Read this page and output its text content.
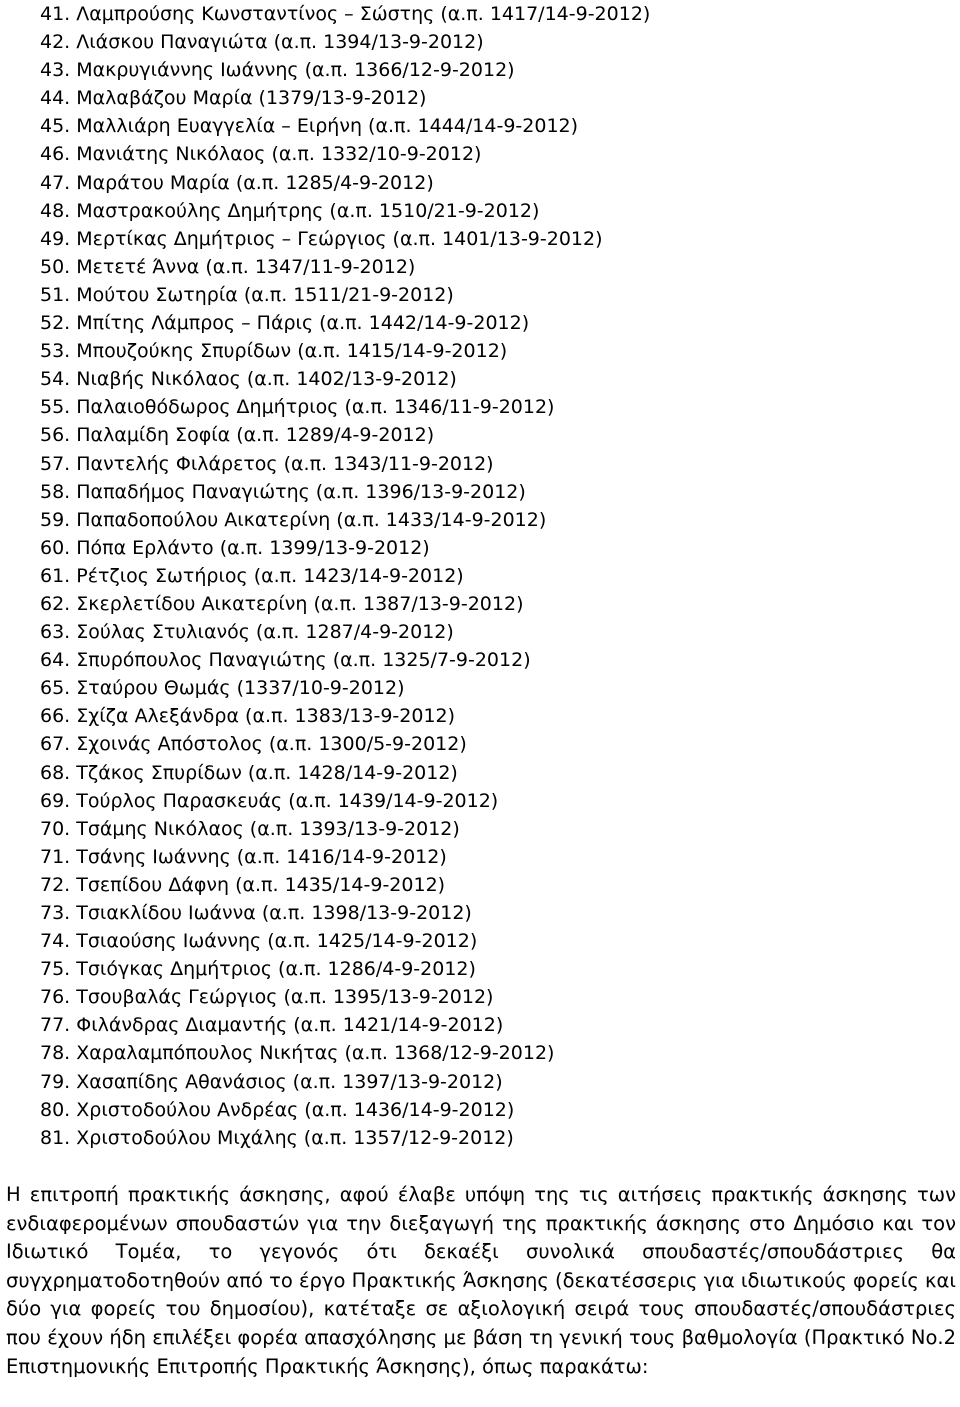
41. Λαμπρούσης Κωνσταντίνος – Σώστης (α.π. 1417/14-9-2012)
42. Λιάσκου Παναγιώτα (α.π. 1394/13-9-2012)
43. Μακρυγιάννης Ιωάννης (α.π. 1366/12-9-2012)
44. Μαλαβάζου Μαρία (1379/13-9-2012)
45. Μαλλιάρη Ευαγγελία – Ειρήνη (α.π. 1444/14-9-2012)
46. Μανιάτης Νικόλαος (α.π. 1332/10-9-2012)
47. Μαράτου Μαρία (α.π. 1285/4-9-2012)
48. Μαστρακούλης Δημήτρης (α.π. 1510/21-9-2012)
49. Μερτίκας Δημήτριος – Γεώργιος (α.π. 1401/13-9-2012)
50. Μετετέ Άννα (α.π. 1347/11-9-2012)
51. Μούτου Σωτηρία (α.π. 1511/21-9-2012)
52. Μπίτης Λάμπρος – Πάρις (α.π. 1442/14-9-2012)
53. Μπουζούκης Σπυρίδων (α.π. 1415/14-9-2012)
54. Νιαβής Νικόλαος (α.π. 1402/13-9-2012)
55. Παλαιοθόδωρος Δημήτριος (α.π. 1346/11-9-2012)
56. Παλαμίδη Σοφία (α.π. 1289/4-9-2012)
57. Παντελής Φιλάρετος (α.π. 1343/11-9-2012)
58. Παπαδήμος Παναγιώτης (α.π. 1396/13-9-2012)
59. Παπαδοπούλου Αικατερίνη (α.π. 1433/14-9-2012)
60. Πόπα Ερλάντο (α.π. 1399/13-9-2012)
61. Ρέτζιος Σωτήριος (α.π. 1423/14-9-2012)
62. Σκερλετίδου Αικατερίνη (α.π. 1387/13-9-2012)
63. Σούλας Στυλιανός (α.π. 1287/4-9-2012)
64. Σπυρόπουλος Παναγιώτης (α.π. 1325/7-9-2012)
65. Σταύρου Θωμάς (1337/10-9-2012)
66. Σχίζα Αλεξάνδρα (α.π. 1383/13-9-2012)
67. Σχοινάς Απόστολος (α.π. 1300/5-9-2012)
68. Τζάκος Σπυρίδων (α.π. 1428/14-9-2012)
69. Τούρλος Παρασκευάς (α.π. 1439/14-9-2012)
70. Τσάμης Νικόλαος (α.π. 1393/13-9-2012)
71. Τσάνης Ιωάννης (α.π. 1416/14-9-2012)
72. Τσεπίδου Δάφνη (α.π. 1435/14-9-2012)
73. Τσιακλίδου Ιωάννα (α.π. 1398/13-9-2012)
74. Τσιαούσης Ιωάννης (α.π. 1425/14-9-2012)
75. Τσιόγκας Δημήτριος (α.π. 1286/4-9-2012)
76. Τσουβαλάς Γεώργιος (α.π. 1395/13-9-2012)
77. Φιλάνδρας Διαμαντής (α.π. 1421/14-9-2012)
78. Χαραλαμπόπουλος Νικήτας (α.π. 1368/12-9-2012)
79. Χασαπίδης Αθανάσιος (α.π. 1397/13-9-2012)
80. Χριστοδούλου Ανδρέας (α.π. 1436/14-9-2012)
81. Χριστοδούλου Μιχάλης (α.π. 1357/12-9-2012)

Η επιτροπή πρακτικής άσκησης, αφού έλαβε υπόψη της τις αιτήσεις πρακτικής άσκησης των ενδιαφερομένων σπουδαστών για την διεξαγωγή της πρακτικής άσκησης στο Δημόσιο και τον Ιδιωτικό Τομέα, το γεγονός ότι δεκαέξι συνολικά σπουδαστές/σπουδάστριες θα συγχρηματοδοτηθούν από το έργο Πρακτικής Άσκησης (δεκατέσσερις για ιδιωτικούς φορείς και δύο για φορείς του δημοσίου), κατέταξε σε αξιολογική σειρά τους σπουδαστές/σπουδάστριες που έχουν ήδη επιλέξει φορέα απασχόλησης με βάση τη γενική τους βαθμολογία (Πρακτικό Νο.2 Επιστημονικής Επιτροπής Πρακτικής Άσκησης), όπως παρακάτω:
